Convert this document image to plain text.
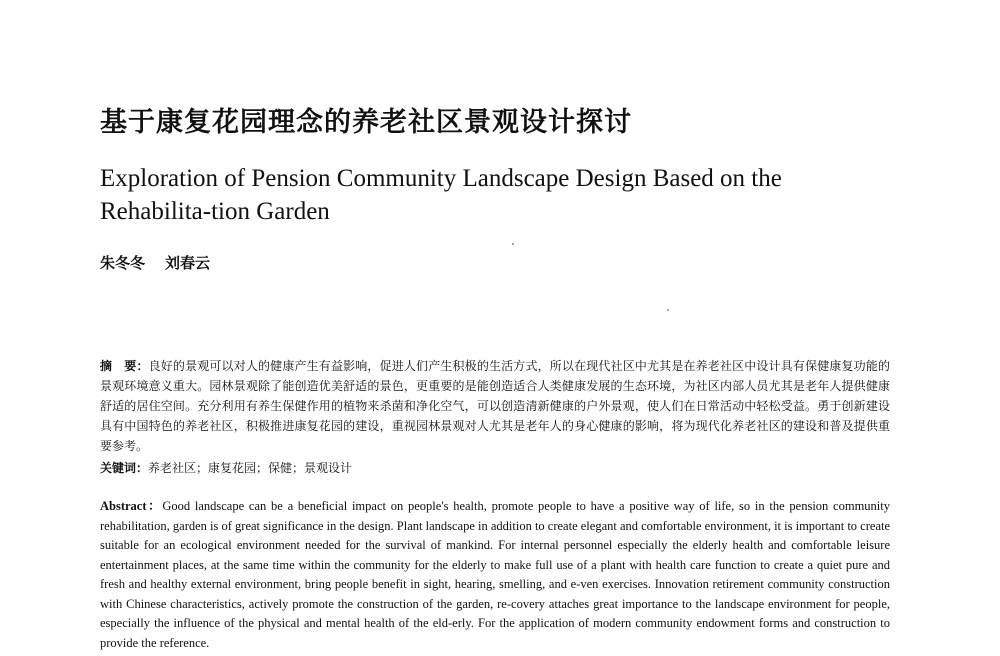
基于康复花园理念的养老社区景观设计探讨
Exploration of Pension Community Landscape Design Based on the Rehabilita-tion Garden
朱冬冬 刘春云
摘　要：良好的景观可以对人的健康产生有益影响，促进人们产生积极的生活方式，所以在现代社区中尤其是在养老社区中设计具有保健康复功能的景观环境意义重大。园林景观除了能创造优美舒适的景色，更重要的是能创造适合人类健康发展的生态环境，为社区内部人员尤其是老年人提供健康舒适的居住空间。充分利用有养生保健作用的植物来杀菌和净化空气，可以创造清新健康的户外景观，使人们在日常活动中轻松受益。勇于创新建设具有中国特色的养老社区，积极推进康复花园的建设，重视园林景观对人尤其是老年人的身心健康的影响，将为现代化养老社区的建设和普及提供重要参考。
关键词：养老社区；康复花园；保健；景观设计
Abstract：Good landscape can be a beneficial impact on people's health, promote people to have a positive way of life, so in the pension community rehabilitation, garden is of great significance in the design. Plant landscape in addition to create elegant and comfortable environment, it is important to create suitable for an ecological environment needed for the survival of mankind. For internal personnel especially the elderly health and comfortable leisure entertainment places, at the same time within the community for the elderly to make full use of a plant with health care function to create a quiet pure and fresh and healthy external environment, bring people benefit in sight, hearing, smelling, and e-ven exercises. Innovation retirement community construction with Chinese characteristics, actively promote the construction of the garden, re-covery attaches great importance to the landscape environment for people, especially the influence of the physical and mental health of the eld-erly. For the application of modern community endowment forms and construction to provide the reference.
